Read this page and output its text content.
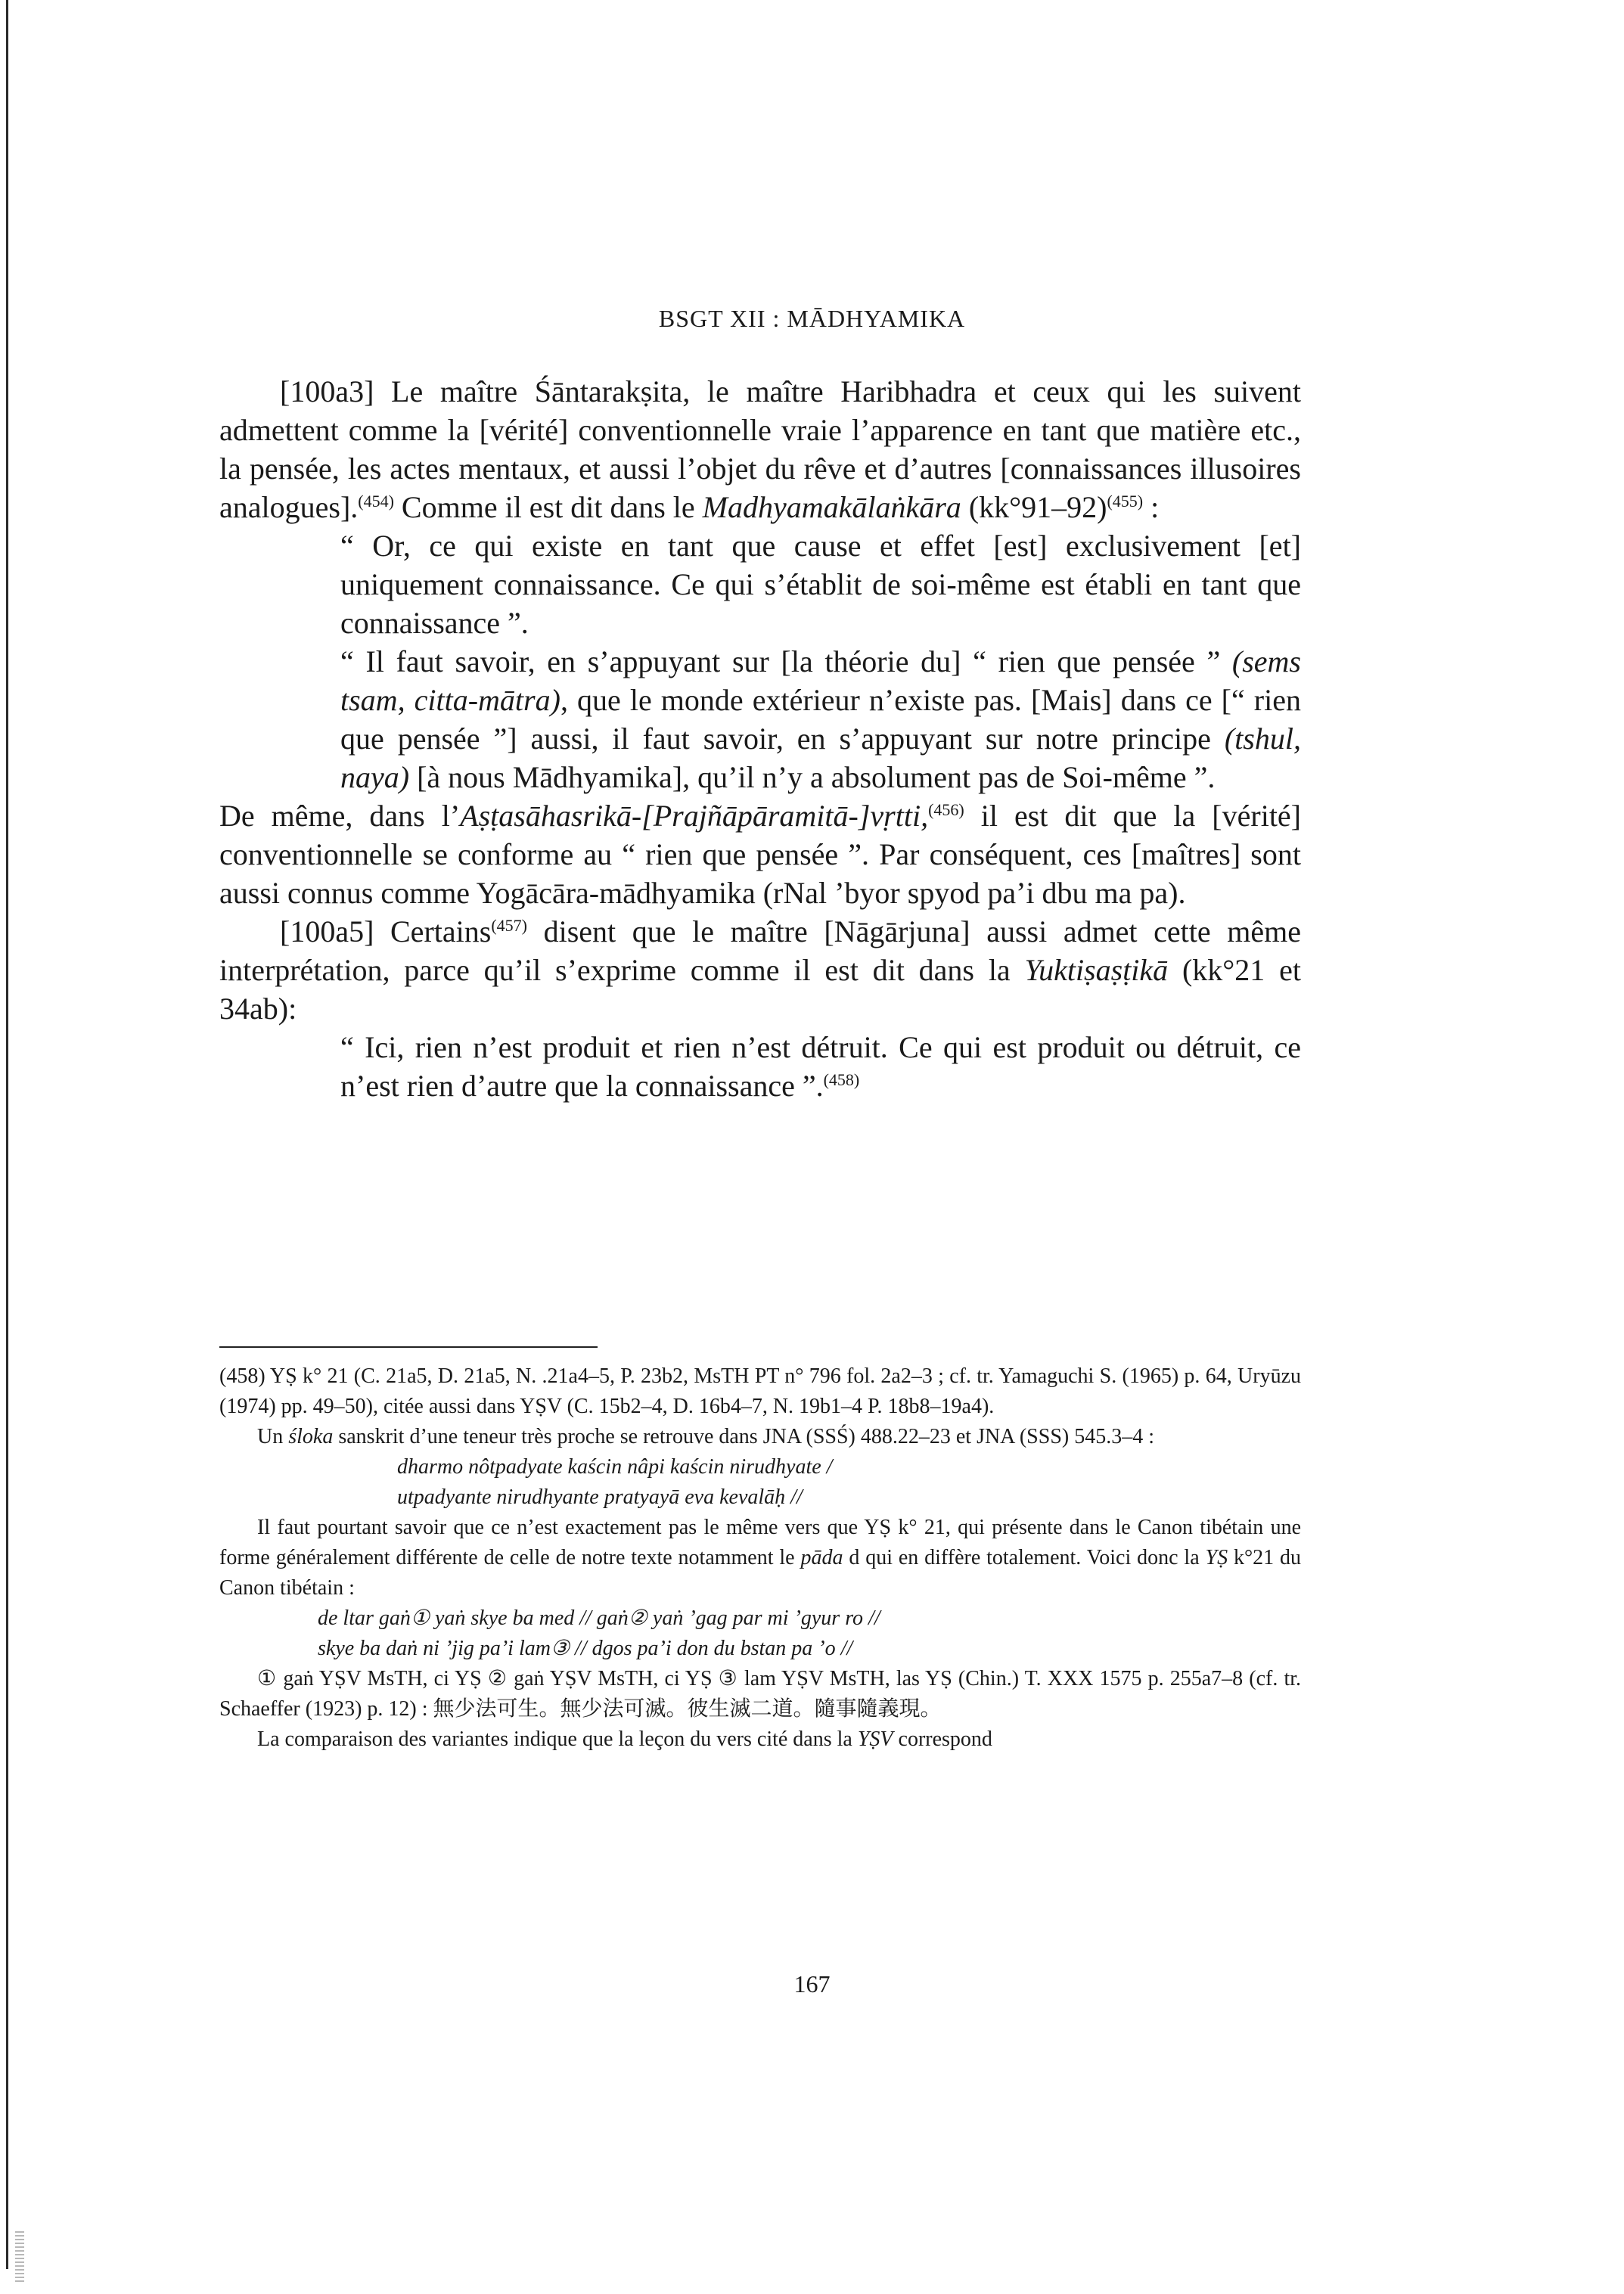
BSGT XII : MĀDHYAMIKA

[100a3] Le maître Śāntarakṣita, le maître Haribhadra et ceux qui les suivent admettent comme la [vérité] conventionnelle vraie l’apparence en tant que matière etc., la pensée, les actes mentaux, et aussi l’objet du rêve et d’autres [connaissances illusoires analogues].$^{(454)}$ Comme il est dit dans le Madhyamakālaṅkāra (kk°91–92)$^{(455)}$ :

“ Or, ce qui existe en tant que cause et effet [est] exclusivement [et] uniquement connaissance. Ce qui s’établit de soi-même est établi en tant que connaissance ”.

“ Il faut savoir, en s’appuyant sur [la théorie du] “ rien que pensée ” (sems tsam, citta-mātra), que le monde extérieur n’existe pas. [Mais] dans ce [“ rien que pensée ”] aussi, il faut savoir, en s’appuyant sur notre principe (tshul, naya) [à nous Mādhyamika], qu’il n’y a absolument pas de Soi-même ”.

De même, dans l’Aṣṭasāhasrikā-[Prajñāpāramitā-]vṛtti,$^{(456)}$ il est dit que la [vérité] conventionnelle se conforme au “ rien que pensée ”. Par conséquent, ces [maîtres] sont aussi connus comme Yogācāra-mādhyamika (rNal ’byor spyod pa’i dbu ma pa).

[100a5] Certains$^{(457)}$ disent que le maître [Nāgārjuna] aussi admet cette même interprétation, parce qu’il s’exprime comme il est dit dans la Yuktiṣaṣṭikā (kk°21 et 34ab):

“ Ici, rien n’est produit et rien n’est détruit. Ce qui est produit ou détruit, ce n’est rien d’autre que la connaissance ”.$^{(458)}$

(458) YṢ k° 21 (C. 21a5, D. 21a5, N. .21a4–5, P. 23b2, MsTH PT n° 796 fol. 2a2–3 ; cf. tr. Yamaguchi S. (1965) p. 64, Uryūzu (1974) pp. 49–50), citée aussi dans YṢV (C. 15b2–4, D. 16b4–7, N. 19b1–4 P. 18b8–19a4).

Un śloka sanskrit d’une teneur très proche se retrouve dans JNA (SSŚ) 488.22–23 et JNA (SSS) 545.3–4 :

dharmo nôtpadyate kaścin nâpi kaścin nirudhyate /

utpadyante nirudhyante pratyayā eva kevalāḥ //

Il faut pourtant savoir que ce n’est exactement pas le même vers que YṢ k° 21, qui présente dans le Canon tibétain une forme généralement différente de celle de notre texte notamment le pāda d qui en diffère totalement. Voici donc la YṢ k°21 du Canon tibétain :

de ltar gaṅ① yaṅ skye ba med // gaṅ② yaṅ ’gag par mi ’gyur ro //

skye ba daṅ ni ’jig pa’i lam③ // dgos pa’i don du bstan pa ’o //

① gaṅ YṢV MsTH, ci YṢ ② gaṅ YṢV MsTH, ci YṢ ③ lam YṢV MsTH, las YṢ (Chin.) T. XXX 1575 p. 255a7–8 (cf. tr. Schaeffer (1923) p. 12) : 無少法可生。無少法可滅。彼生滅二道。隨事隨義現。

La comparaison des variantes indique que la leçon du vers cité dans la YṢV correspond

167
